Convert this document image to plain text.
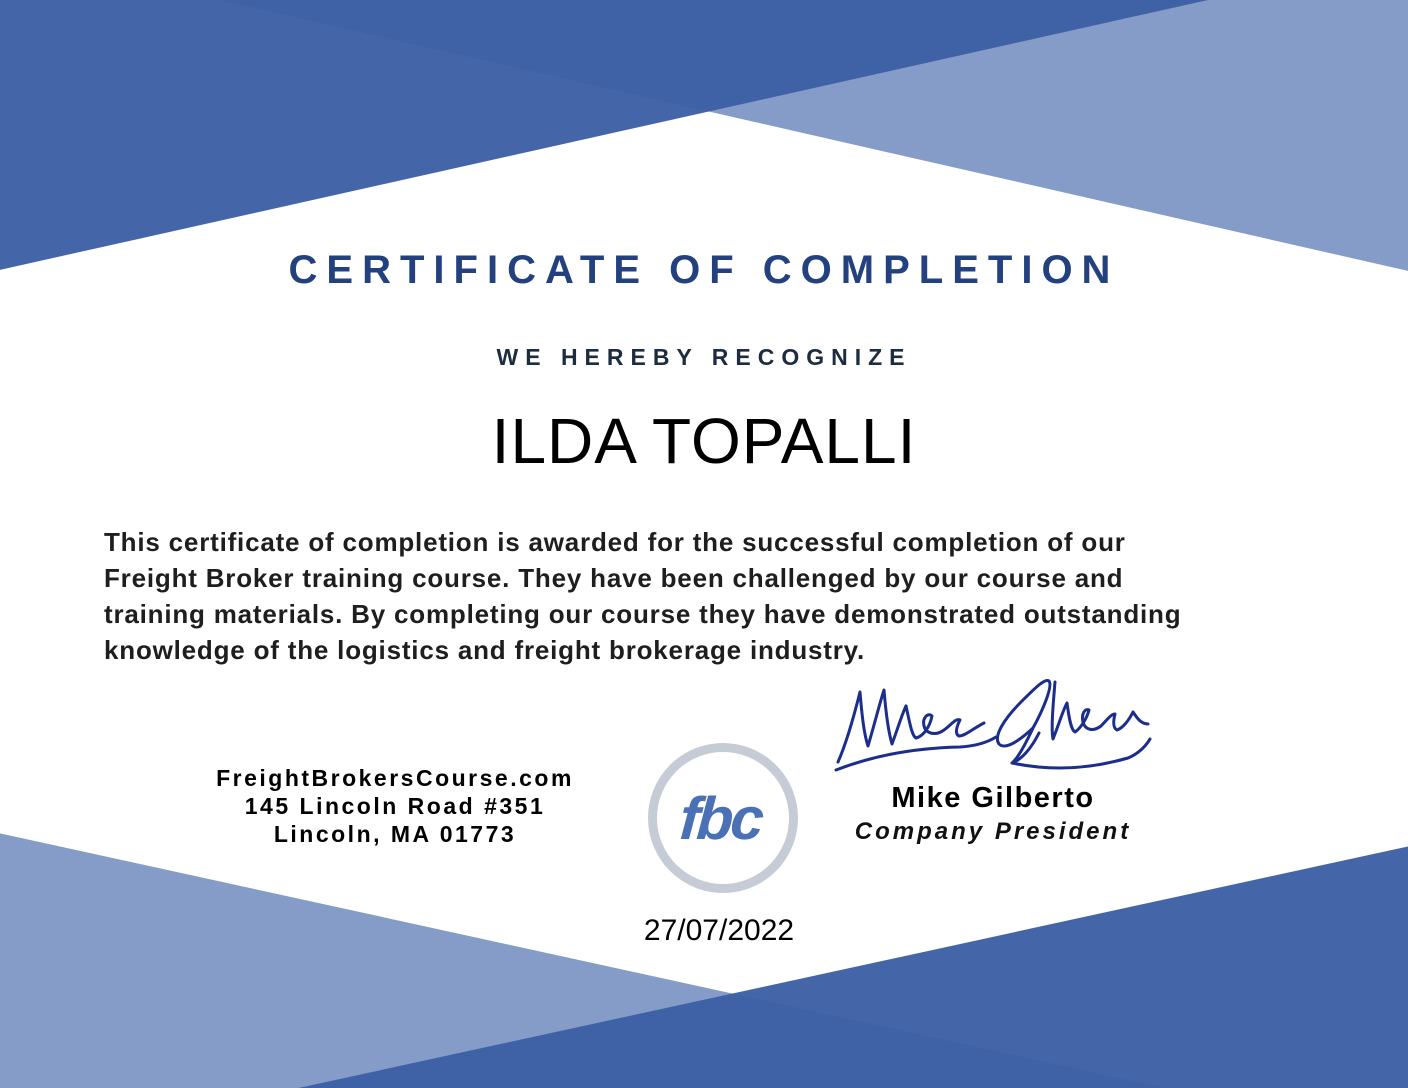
CERTIFICATE OF COMPLETION
WE HEREBY RECOGNIZE
ILDA TOPALLI
This certificate of completion is awarded for the successful completion of our
Freight Broker training course. They have been challenged by our course and
training materials. By completing our course they have demonstrated outstanding
knowledge of the logistics and freight brokerage industry.
FreightBrokersCourse.com
145 Lincoln Road #351
Lincoln, MA 01773	fbc	Mike Gilberto
Company President
27/07/2022
